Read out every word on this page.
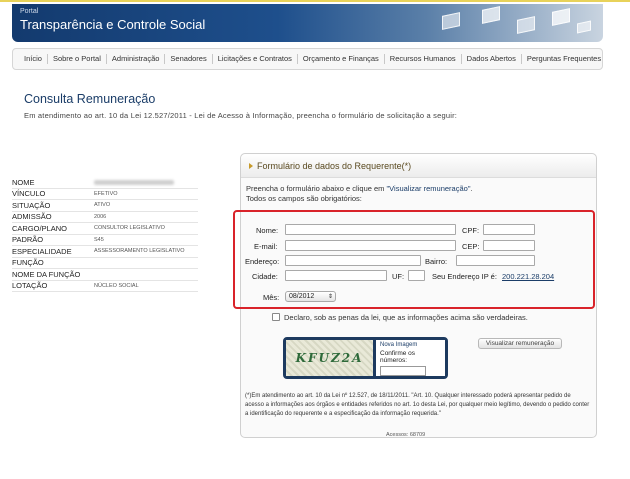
Portal
Transparência e Controle Social
Início	Sobre o Portal	Administração	Senadores	Licitações e Contratos	Orçamento e Finanças	Recursos Humanos	Dados Abertos	Perguntas Frequentes
Consulta Remuneração
Em atendimento ao art. 10 da Lei 12.527/2011 - Lei de Acesso à Informação, preencha o formulário de solicitação a seguir:
NOME
VÍNCULO	EFETIVO
SITUAÇÃO	ATIVO
ADMISSÃO	2006
CARGO/PLANO	CONSULTOR LEGISLATIVO
PADRÃO	S45
ESPECIALIDADE	ASSESSORAMENTO LEGISLATIVO
FUNÇÃO
NOME DA FUNÇÃO
LOTAÇÃO	NÚCLEO SOCIAL
Formulário de dados do Requerente(*)
Preencha o formulário abaixo e clique em "Visualizar remuneração".
Todos os campos são obrigatórios:
Nome:	CPF:
E-mail:	CEP:
Endereço:	Bairro:
Cidade:	UF:	Seu Endereço IP é: 200.221.28.204
Mês:	08/2012 ⇕
Declaro, sob as penas da lei, que as informações acima são verdadeiras.
KFUZ2A
Nova Imagem
Confirme os números:
Visualizar remuneração
(*)Em atendimento ao art. 10 da Lei nº 12.527, de 18/11/2011. "Art. 10. Qualquer interessado poderá apresentar pedido de acesso a informações aos órgãos e entidades referidos no art. 1o desta Lei, por qualquer meio legítimo, devendo o pedido conter a identificação do requerente e a especificação da informação requerida."
Acessos: 68709
